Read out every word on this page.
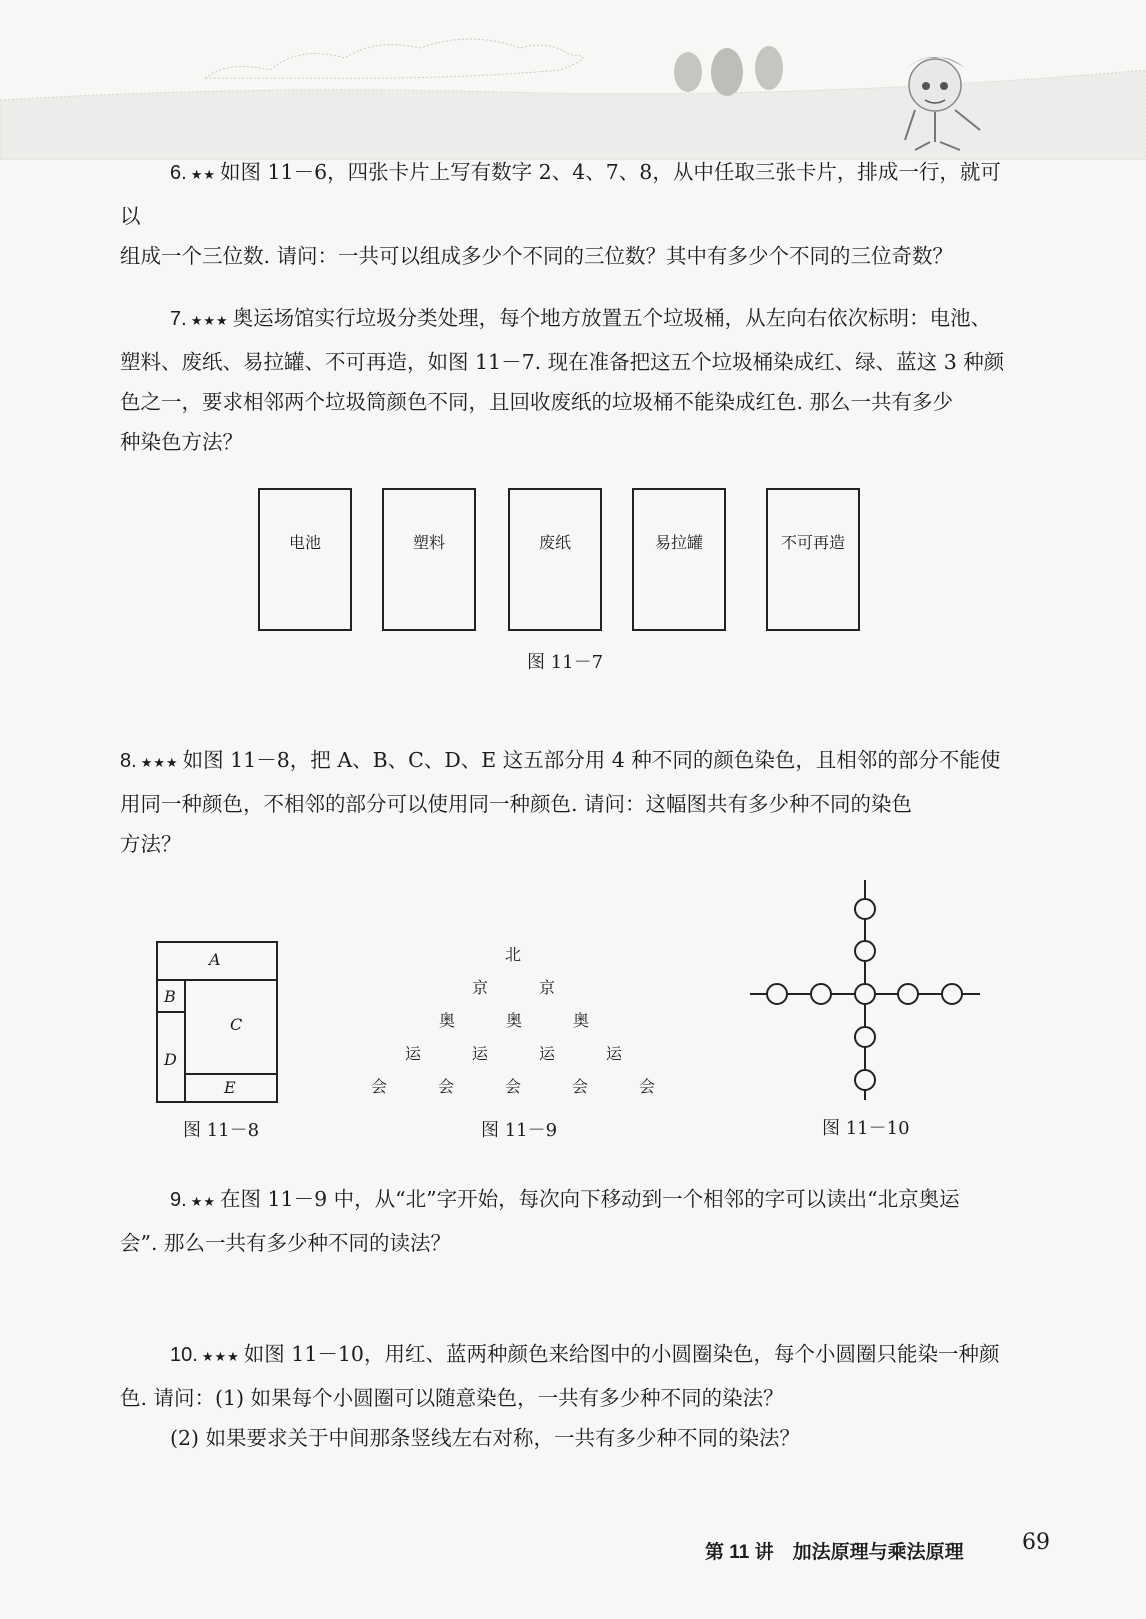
6. ★★ 如图 11－6，四张卡片上写有数字 2、4、7、8，从中任取三张卡片，排成一行，就可以

组成一个三位数. 请问：一共可以组成多少个不同的三位数？其中有多少个不同的三位奇数？

7. ★★★ 奥运场馆实行垃圾分类处理，每个地方放置五个垃圾桶，从左向右依次标明：电池、

塑料、废纸、易拉罐、不可再造，如图 11－7. 现在准备把这五个垃圾桶染成红、绿、蓝这 3 种颜

色之一，要求相邻两个垃圾筒颜色不同，且回收废纸的垃圾桶不能染成红色. 那么一共有多少

种染色方法？

电池	塑料	废纸	易拉罐	不可再造
图 11－7

8. ★★★ 如图 11－8，把 A、B、C、D、E 这五部分用 4 种不同的颜色染色，且相邻的部分不能使

用同一种颜色，不相邻的部分可以使用同一种颜色. 请问：这幅图共有多少种不同的染色

方法？

A
B
C
D
E
图 11－8
北
京	京
奥	奥	奥
运	运	运	运
会	会	会	会	会
图 11－9	图 11－10

9. ★★ 在图 11－9 中，从“北”字开始，每次向下移动到一个相邻的字可以读出“北京奥运

会”. 那么一共有多少种不同的读法？

10. ★★★ 如图 11－10，用红、蓝两种颜色来给图中的小圆圈染色，每个小圆圈只能染一种颜

色. 请问：(1) 如果每个小圆圈可以随意染色，一共有多少种不同的染法？

(2) 如果要求关于中间那条竖线左右对称，一共有多少种不同的染法？

第 11 讲　加法原理与乘法原理	69
